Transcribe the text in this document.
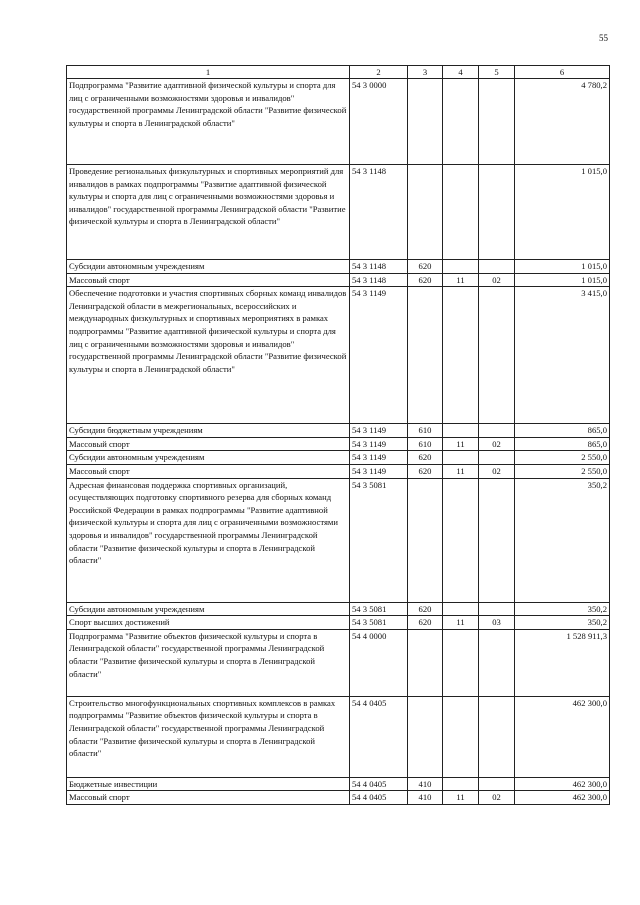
55
1	2	3	4	5	6
Подпрограмма "Развитие адаптивной физической культуры и спорта для лиц с ограниченными возможностями здоровья и инвалидов" государственной программы Ленинградской области "Развитие физической культуры и спорта в Ленинградской области"	54 3 0000				4 780,2
Проведение региональных физкультурных и спортивных мероприятий для инвалидов в рамках подпрограммы "Развитие адаптивной физической культуры и спорта для лиц с ограниченными возможностями здоровья и инвалидов" государственной программы Ленинградской области "Развитие физической культуры и спорта в Ленинградской области"	54 3 1148				1 015,0
Субсидии автономным учреждениям	54 3 1148	620			1 015,0
Массовый спорт	54 3 1148	620	11	02	1 015,0
Обеспечение подготовки и участия спортивных сборных команд инвалидов Ленинградской области в межрегиональных, всероссийских и международных физкультурных и спортивных мероприятиях в рамках подпрограммы "Развитие адаптивной физической культуры и спорта для лиц с ограниченными возможностями здоровья и инвалидов" государственной программы Ленинградской области "Развитие физической культуры и спорта в Ленинградской области"	54 3 1149				3 415,0
Субсидии бюджетным учреждениям	54 3 1149	610			865,0
Массовый спорт	54 3 1149	610	11	02	865,0
Субсидии автономным учреждениям	54 3 1149	620			2 550,0
Массовый спорт	54 3 1149	620	11	02	2 550,0
Адресная финансовая поддержка спортивных организаций, осуществляющих подготовку спортивного резерва для сборных команд Российской Федерации в рамках подпрограммы "Развитие адаптивной физической культуры и спорта для лиц с ограниченными возможностями здоровья и инвалидов" государственной программы Ленинградской области "Развитие физической культуры и спорта в Ленинградской области"	54 3 5081				350,2
Субсидии автономным учреждениям	54 3 5081	620			350,2
Спорт высших достижений	54 3 5081	620	11	03	350,2
Подпрограмма "Развитие объектов физической культуры и спорта в Ленинградской области" государственной программы Ленинградской области "Развитие физической культуры и спорта в Ленинградской области"	54 4 0000				1 528 911,3
Строительство многофункциональных спортивных комплексов в рамках подпрограммы "Развитие объектов физической культуры и спорта в Ленинградской области" государственной программы Ленинградской области "Развитие физической культуры и спорта в Ленинградской области"	54 4 0405				462 300,0
Бюджетные инвестиции	54 4 0405	410			462 300,0
Массовый спорт	54 4 0405	410	11	02	462 300,0
